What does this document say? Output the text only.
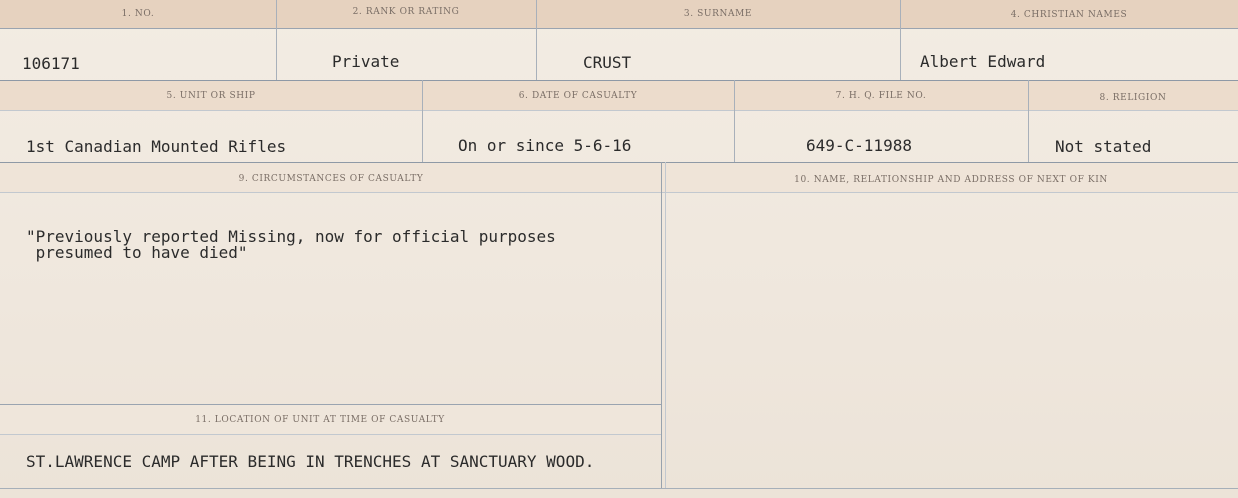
1. NO.	2. RANK OR RATING	3. SURNAME	4. CHRISTIAN NAMES
106171	Private	CRUST	Albert Edward
5. UNIT OR SHIP	6. DATE OF CASUALTY	7. H. Q. FILE NO.	8. RELIGION
1st Canadian Mounted Rifles	On or since 5-6-16	649-C-11988	Not stated
9. CIRCUMSTANCES OF CASUALTY	10. NAME, RELATIONSHIP AND ADDRESS OF NEXT OF KIN
"Previously reported Missing, now for official purposes
presumed to have died"
11. LOCATION OF UNIT AT TIME OF CASUALTY
ST.LAWRENCE CAMP AFTER BEING IN TRENCHES AT SANCTUARY WOOD.
